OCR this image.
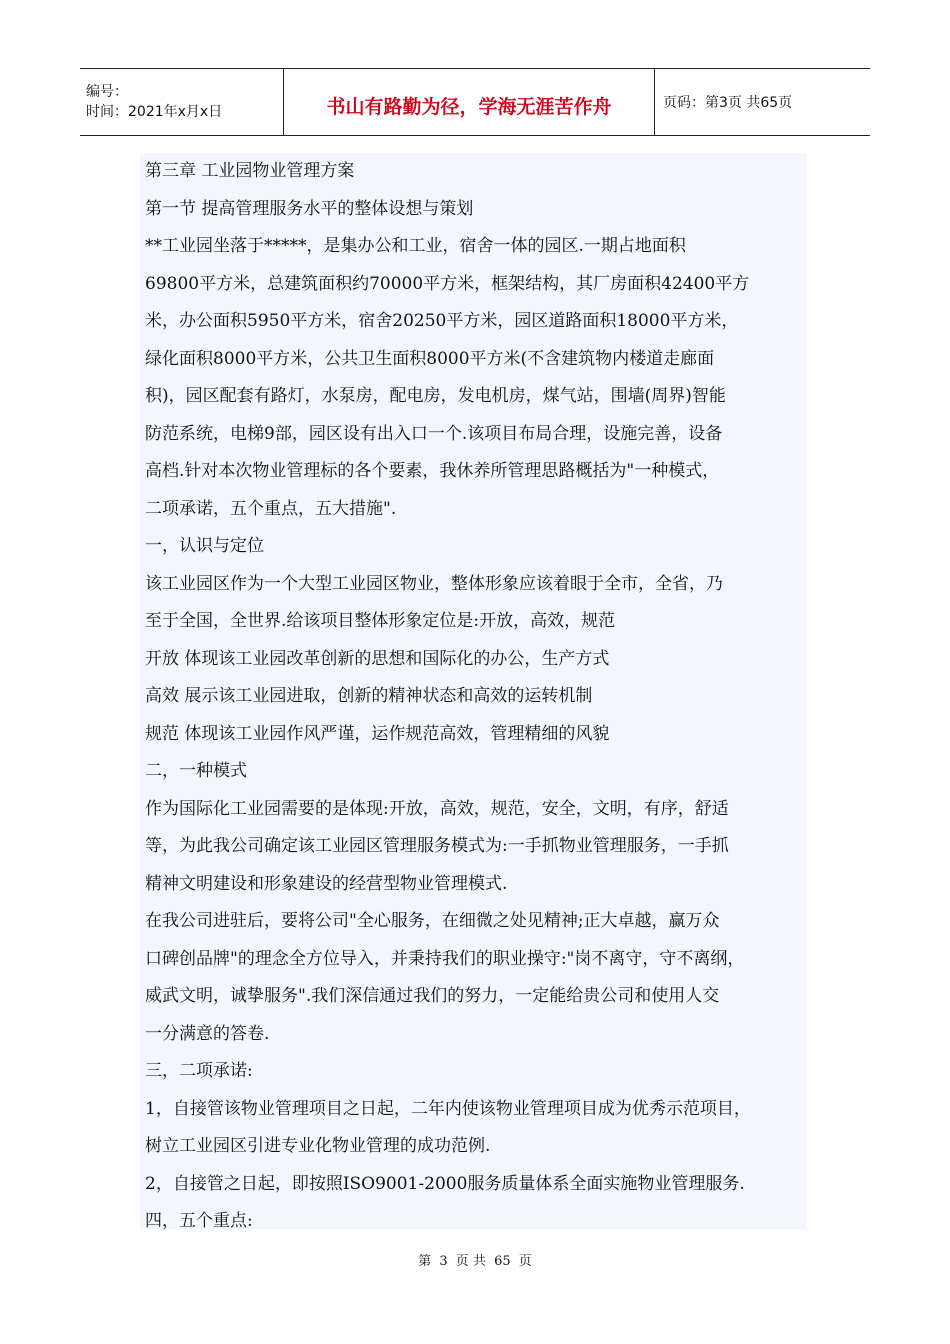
编号：
时间：2021年x月x日	书山有路勤为径，学海无涯苦作舟	页码：第3页 共65页
第三章 工业园物业管理方案
第一节 提高管理服务水平的整体设想与策划
**工业园坐落于*****，是集办公和工业，宿舍一体的园区.一期占地面积
69800平方米，总建筑面积约70000平方米，框架结构，其厂房面积42400平方
米，办公面积5950平方米，宿舍20250平方米，园区道路面积18000平方米，
绿化面积8000平方米，公共卫生面积8000平方米(不含建筑物内楼道走廊面
积)，园区配套有路灯，水泵房，配电房，发电机房，煤气站，围墙(周界)智能
防范系统，电梯9部，园区设有出入口一个.该项目布局合理，设施完善，设备
高档.针对本次物业管理标的各个要素，我休养所管理思路概括为"一种模式，
二项承诺，五个重点，五大措施".
一，认识与定位
该工业园区作为一个大型工业园区物业，整体形象应该着眼于全市，全省，乃
至于全国，全世界.给该项目整体形象定位是:开放，高效，规范
开放 体现该工业园改革创新的思想和国际化的办公，生产方式
高效 展示该工业园进取，创新的精神状态和高效的运转机制
规范 体现该工业园作风严谨，运作规范高效，管理精细的风貌
二，一种模式
作为国际化工业园需要的是体现:开放，高效，规范，安全，文明，有序，舒适
等，为此我公司确定该工业园区管理服务模式为:一手抓物业管理服务，一手抓
精神文明建设和形象建设的经营型物业管理模式.
在我公司进驻后，要将公司"全心服务，在细微之处见精神;正大卓越，赢万众
口碑创品牌"的理念全方位导入，并秉持我们的职业操守:"岗不离守，守不离纲，
威武文明，诚挚服务".我们深信通过我们的努力，一定能给贵公司和使用人交
一分满意的答卷.
三，二项承诺:
1，自接管该物业管理项目之日起，二年内使该物业管理项目成为优秀示范项目，
树立工业园区引进专业化物业管理的成功范例.
2，自接管之日起，即按照ISO9001-2000服务质量体系全面实施物业管理服务.
四，五个重点:
第 3 页 共 65 页
